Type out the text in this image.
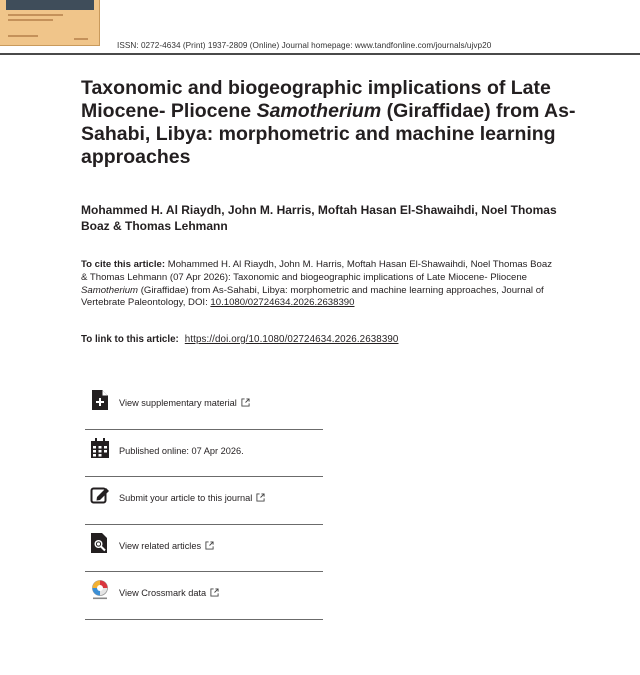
ISSN: 0272-4634 (Print) 1937-2809 (Online) Journal homepage: www.tandfonline.com/journals/ujvp20
Taxonomic and biogeographic implications of Late Miocene- Pliocene Samotherium (Giraffidae) from As-Sahabi, Libya: morphometric and machine learning approaches

Mohammed H. Al Riaydh, John M. Harris, Moftah Hasan El-Shawaihdi, Noel Thomas Boaz & Thomas Lehmann

To cite this article: Mohammed H. Al Riaydh, John M. Harris, Moftah Hasan El-Shawaihdi, Noel Thomas Boaz & Thomas Lehmann (07 Apr 2026): Taxonomic and biogeographic implications of Late Miocene- Pliocene Samotherium (Giraffidae) from As-Sahabi, Libya: morphometric and machine learning approaches, Journal of Vertebrate Paleontology, DOI: 10.1080/02724634.2026.2638390

To link to this article: https://doi.org/10.1080/02724634.2026.2638390

View supplementary material
Published online: 07 Apr 2026.
Submit your article to this journal
View related articles
View Crossmark data
